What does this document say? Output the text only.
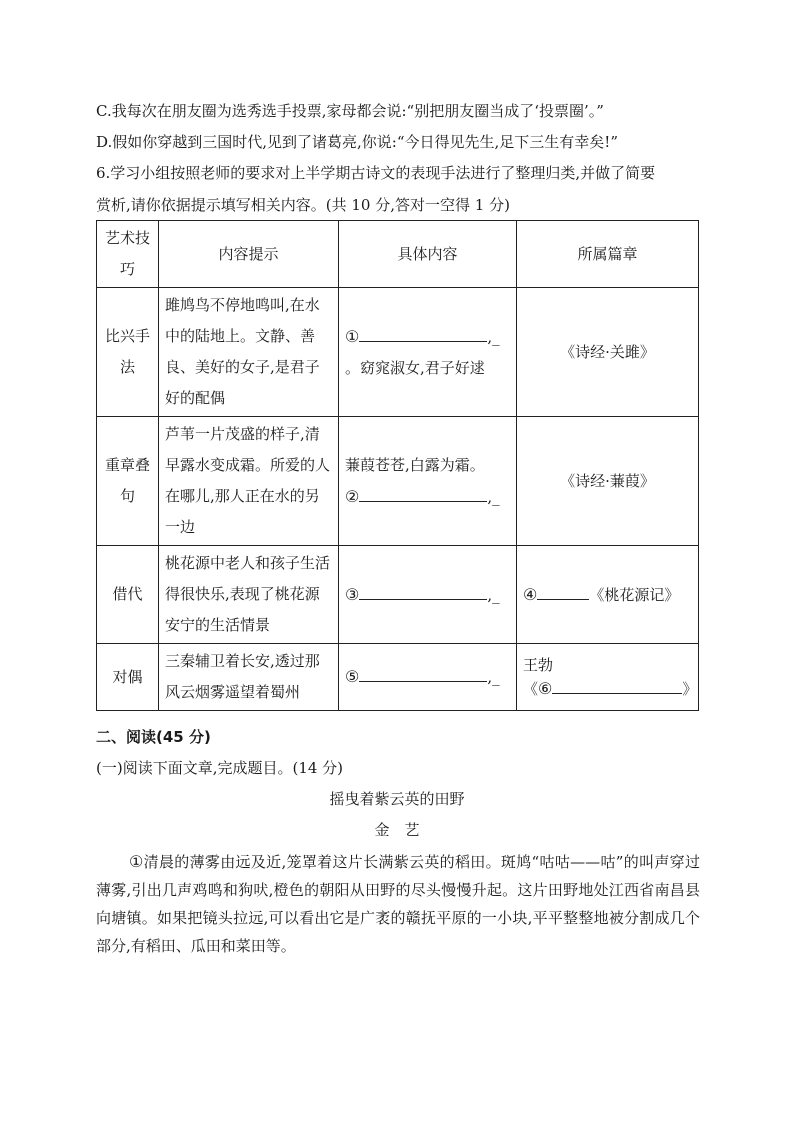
C.我每次在朋友圈为选秀选手投票,家母都会说:“别把朋友圈当成了‘投票圈’。”
D.假如你穿越到三国时代,见到了诸葛亮,你说:“今日得见先生,足下三生有幸矣!”
6.学习小组按照老师的要求对上半学期古诗文的表现手法进行了整理归类,并做了简要
赏析,请你依据提示填写相关内容。(共 10 分,答对一空得 1 分)
艺术技巧	内容提示	具体内容	所属篇章
比兴手法	雎鸠鸟不停地鸣叫,在水中的陆地上。文静、善良、美好的女子,是君子好的配偶	① ,_
。窈窕淑女,君子好逑	《诗经·关雎》
重章叠句	芦苇一片茂盛的样子,清早露水变成霜。所爱的人在哪儿,那人正在水的另一边	蒹葭苍苍,白露为霜。
② ,_	《诗经·蒹葭》
借代	桃花源中老人和孩子生活得很快乐,表现了桃花源安宁的生活情景	③ ,_	④ 《桃花源记》

对偶	三秦辅卫着长安,透过那风云烟雾遥望着蜀州	⑤ ,_	王勃
《⑥ 》
二、阅读(45 分)
(一)阅读下面文章,完成题目。(14 分)
摇曳着紫云英的田野
金　艺
①清晨的薄雾由远及近,笼罩着这片长满紫云英的稻田。斑鸠“咕咕——咕”的叫声穿过薄雾,引出几声鸡鸣和狗吠,橙色的朝阳从田野的尽头慢慢升起。这片田野地处江西省南昌县向塘镇。如果把镜头拉远,可以看出它是广袤的赣抚平原的一小块,平平整整地被分割成几个部分,有稻田、瓜田和菜田等。
